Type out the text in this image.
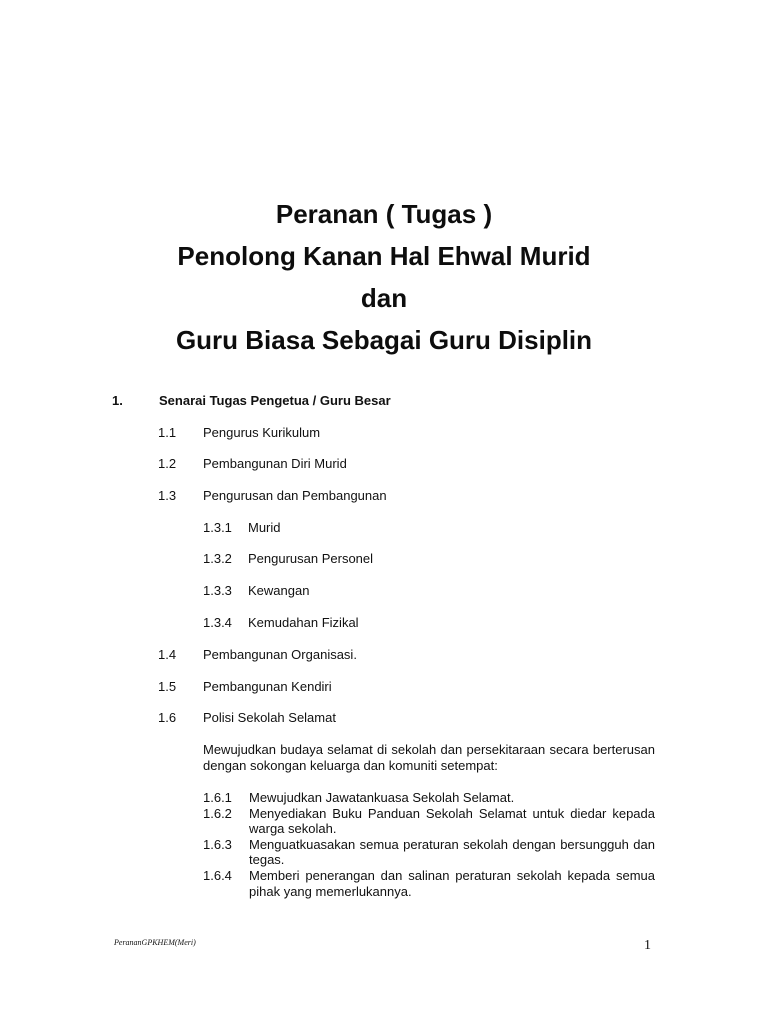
Peranan ( Tugas )

Penolong Kanan Hal Ehwal Murid

dan

Guru Biasa Sebagai Guru Disiplin

1.	Senarai Tugas Pengetua / Guru Besar
1.1 Pengurus Kurikulum
1.2 Pembangunan Diri Murid
1.3 Pengurusan dan Pembangunan
1.3.1 Murid
1.3.2 Pengurusan Personel
1.3.3 Kewangan
1.3.4 Kemudahan Fizikal
1.4 Pembangunan Organisasi.
1.5 Pembangunan Kendiri
1.6 Polisi Sekolah Selamat
Mewujudkan budaya selamat di sekolah dan persekitaraan secara berterusan dengan sokongan keluarga dan komuniti setempat:
1.6.1 Mewujudkan Jawatankuasa Sekolah Selamat.
1.6.2 Menyediakan Buku Panduan Sekolah Selamat untuk diedar kepada warga sekolah.
1.6.3 Menguatkuasakan semua peraturan sekolah dengan bersungguh dan tegas.
1.6.4 Memberi penerangan dan salinan peraturan sekolah kepada semua pihak yang memerlukannya.
PerananGPKHEM(Meri)	1
